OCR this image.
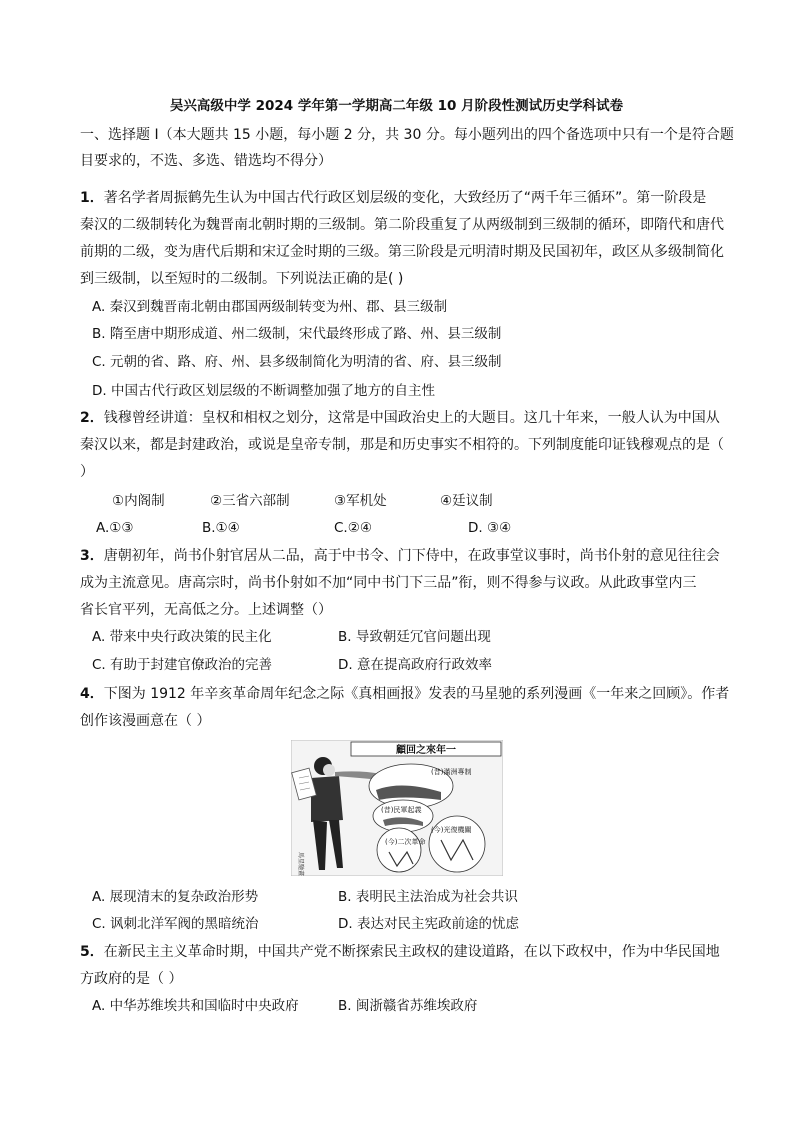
吴兴高级中学 2024 学年第一学期高二年级 10 月阶段性测试历史学科试卷
一、选择题 I（本大题共 15 小题，每小题 2 分，共 30 分。每小题列出的四个备选项中只有一个是符合题
目要求的，不选、多选、错选均不得分）
1．著名学者周振鹤先生认为中国古代行政区划层级的变化，大致经历了“两千年三循环”。第一阶段是
秦汉的二级制转化为魏晋南北朝时期的三级制。第二阶段重复了从两级制到三级制的循环，即隋代和唐代
前期的二级，变为唐代后期和宋辽金时期的三级。第三阶段是元明清时期及民国初年，政区从多级制简化
到三级制，以至短时的二级制。下列说法正确的是( )
A. 秦汉到魏晋南北朝由郡国两级制转变为州、郡、县三级制
B. 隋至唐中期形成道、州二级制，宋代最终形成了路、州、县三级制
C. 元朝的省、路、府、州、县多级制简化为明清的省、府、县三级制
D. 中国古代行政区划层级的不断调整加强了地方的自主性
2．钱穆曾经讲道：皇权和相权之划分，这常是中国政治史上的大题目。这几十年来，一般人认为中国从
秦汉以来，都是封建政治，或说是皇帝专制，那是和历史事实不相符的。下列制度能印证钱穆观点的是（
）
①内阁制	②三省六部制	③军机处	④廷议制
A.①③	B.①④	C.②④	D. ③④
3．唐朝初年，尚书仆射官居从二品，高于中书令、门下侍中，在政事堂议事时，尚书仆射的意见往往会
成为主流意见。唐高宗时，尚书仆射如不加“同中书门下三品”衔，则不得参与议政。从此政事堂内三
省长官平列，无高低之分。上述调整（）
A. 带来中央行政决策的民主化	B. 导致朝廷冗官问题出现
C. 有助于封建官僚政治的完善	D. 意在提高政府行政效率
4．下图为 1912 年辛亥革命周年纪念之际《真相画报》发表的马星驰的系列漫画《一年来之回顾》。作者
创作该漫画意在（ ）
顧回之來年一
(昔)滿洲專制
(昔)民軍起義
(今)光復機關
(今)二次革命
馬星馳畫
A. 展现清末的复杂政治形势	B. 表明民主法治成为社会共识
C. 讽刺北洋军阀的黑暗统治	D. 表达对民主宪政前途的忧虑
5．在新民主主义革命时期，中国共产党不断探索民主政权的建设道路，在以下政权中，作为中华民国地
方政府的是（ ）
A. 中华苏维埃共和国临时中央政府	B. 闽浙赣省苏维埃政府
